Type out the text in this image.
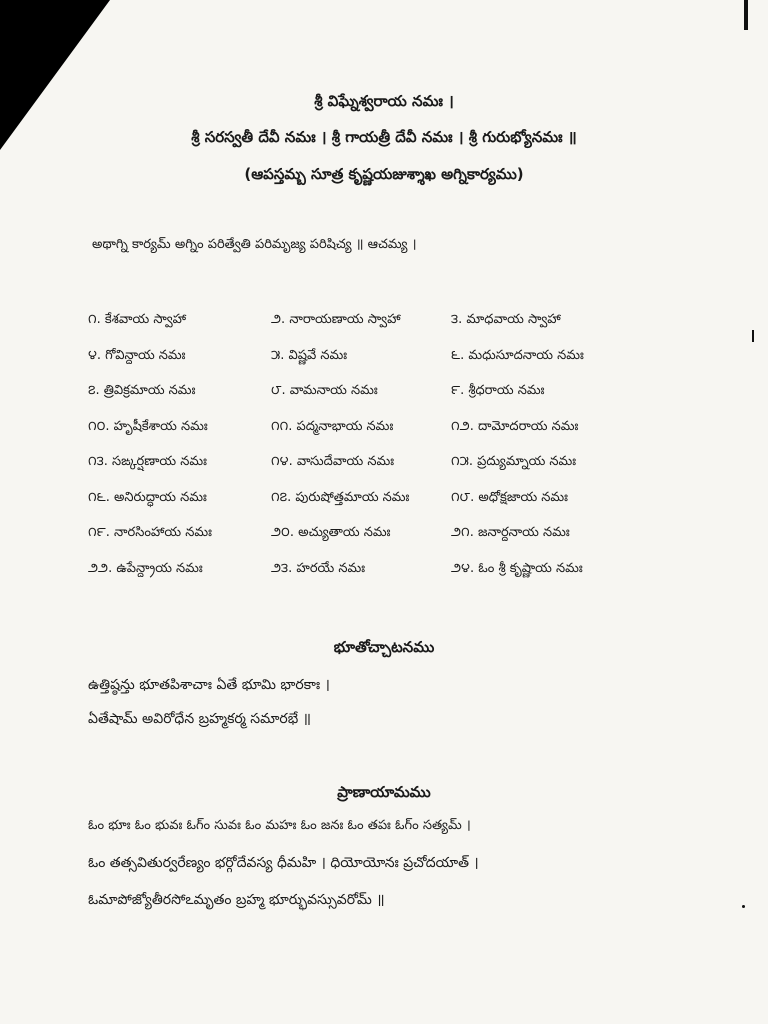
శ్రీ విఘ్నేశ్వరాయ నమః ।
శ్రీ సరస్వతీ దేవీ నమః । శ్రీ గాయత్రీ దేవీ నమః । శ్రీ గురుభ్యోనమః ॥
(ఆపస్తమ్బ సూత్ర కృష్ణయజుశ్శాఖ అగ్నికార్యము)
అథాగ్ని కార్యమ్ అగ్నిం పరిత్వేతి పరిమృజ్య పరిషిచ్య ॥ ఆచమ్య ।
౧. కేశవాయ స్వాహా	౨. నారాయణాయ స్వాహా	౩. మాధవాయ స్వాహా
౪. గోవిన్దాయ నమః	౫. విష్ణవే నమః	౬. మధుసూదనాయ నమః
౭. త్రివిక్రమాయ నమః	౮. వామనాయ నమః	౯. శ్రీధరాయ నమః
౧౦. హృషీకేశాయ నమః	౧౧. పద్మనాభాయ నమః	౧౨. దామోదరాయ నమః
౧౩. సఙ్కర్షణాయ నమః	౧౪. వాసుదేవాయ నమః	౧౫. ప్రద్యుమ్నాయ నమః
౧౬. అనిరుద్ధాయ నమః	౧౭. పురుషోత్తమాయ నమః	౧౮. అధోక్షజాయ నమః
౧౯. నారసింహాయ నమః	౨౦. అచ్యుతాయ నమః	౨౧. జనార్దనాయ నమః
౨౨. ఉపేన్ద్రాయ నమః	౨౩. హరయే నమః	౨౪. ఓం శ్రీ కృష్ణాయ నమః
భూతోచ్చాటనము
ఉత్తిష్ఠన్తు భూతపిశాచాః ఏతే భూమి భారకాః ।
ఏతేషామ్ అవిరోధేన బ్రహ్మకర్మ సమారభే ॥
ప్రాణాయామము
ఓం భూః ఓం భువః ఓగ్‌ం సువః ఓం మహః ఓం జనః ఓం తపః ఓగ్‌ం సత్యమ్ ।
ఓం తత్సవితుర్వరేణ్యం భర్గోదేవస్య ధీమహి । ధియోయోనః ప్రచోదయాత్ ।
ఓమాపోజ్యోతీరసోఽమృతం బ్రహ్మ భూర్భువస్సువరోమ్ ॥
